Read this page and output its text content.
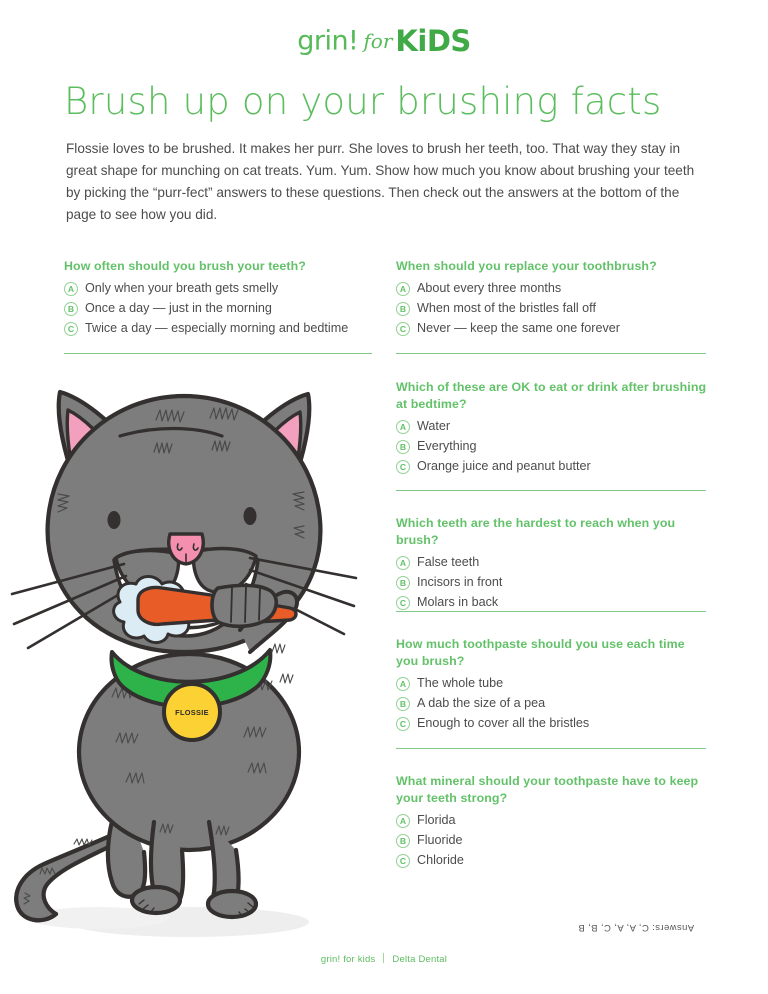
grin! for KiDS
Brush up on your brushing facts
Flossie loves to be brushed. It makes her purr. She loves to brush her teeth, too. That way they stay in great shape for munching on cat treats. Yum. Yum. Show how much you know about brushing your teeth by picking the “purr-fect” answers to these questions. Then check out the answers at the bottom of the page to see how you did.
FLOSSIE
How often should you brush your teeth?
A Only when your breath gets smelly
B Once a day — just in the morning
C Twice a day — especially morning and bedtime
When should you replace your toothbrush?
A About every three months
B When most of the bristles fall off
C Never — keep the same one forever
Which of these are OK to eat or drink after brushing at bedtime?
A Water
B Everything
C Orange juice and peanut butter
Which teeth are the hardest to reach when you brush?
A False teeth
B Incisors in front
C Molars in back
How much toothpaste should you use each time you brush?
A The whole tube
B A dab the size of a pea
C Enough to cover all the bristles
What mineral should your toothpaste have to keep your teeth strong?
A Florida
B Fluoride
C Chloride
Answers: C, A, A, C, B, B
grin! for kids Delta Dental
